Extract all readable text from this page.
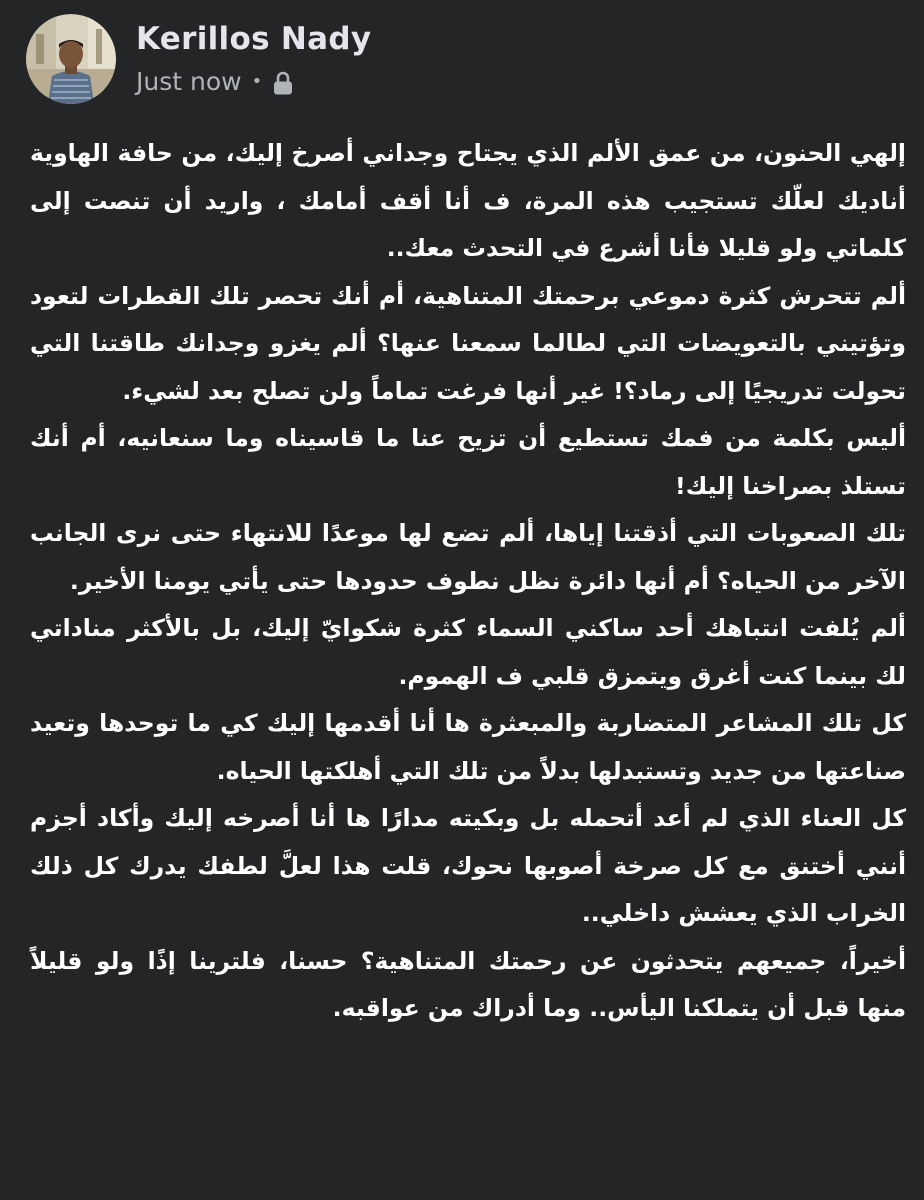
Kerillos Nady
Just now •

إلهي الحنون، من عمق الألم الذي يجتاح وجداني أصرخ إليك، من حافة الهاوية أناديك لعلّك تستجيب هذه المرة، ف أنا أقف أمامك ، واريد أن تنصت إلى كلماتي ولو قليلا فأنا أشرع في التحدث معك..

ألم تتحرش كثرة دموعي برحمتك المتناهية، أم أنك تحصر تلك القطرات لتعود وتؤتيني بالتعويضات التي لطالما سمعنا عنها؟ ألم يغزو وجدانك طاقتنا التي تحولت تدريجيًا إلى رماد؟! غير أنها فرغت تماماً ولن تصلح بعد لشيء.

أليس بكلمة من فمك تستطيع أن تزيح عنا ما قاسيناه وما سنعانيه، أم أنك تستلذ بصراخنا إليك!

تلك الصعوبات التي أذقتنا إياها، ألم تضع لها موعدًا للانتهاء حتى نرى الجانب الآخر من الحياه؟ أم أنها دائرة نظل نطوف حدودها حتى يأتي يومنا الأخير.

ألم يُلفت انتباهك أحد ساكني السماء كثرة شكوايّ إليك، بل بالأكثر مناداتي لك بينما كنت أغرق ويتمزق قلبي ف الهموم.

كل تلك المشاعر المتضاربة والمبعثرة ها أنا أقدمها إليك كي ما توحدها وتعيد صناعتها من جديد وتستبدلها بدلاً من تلك التي أهلكتها الحياه.

كل العناء الذي لم أعد أتحمله بل وبكيته مدارًا ها أنا أصرخه إليك وأكاد أجزم أنني أختنق مع كل صرخة أصوبها نحوك، قلت هذا لعلَّ لطفك يدرك كل ذلك الخراب الذي يعشش داخلي..

أخيراً، جميعهم يتحدثون عن رحمتك المتناهية؟ حسنا، فلترينا إذًا ولو قليلاً منها قبل أن يتملكنا اليأس.. وما أدراك من عواقبه.
